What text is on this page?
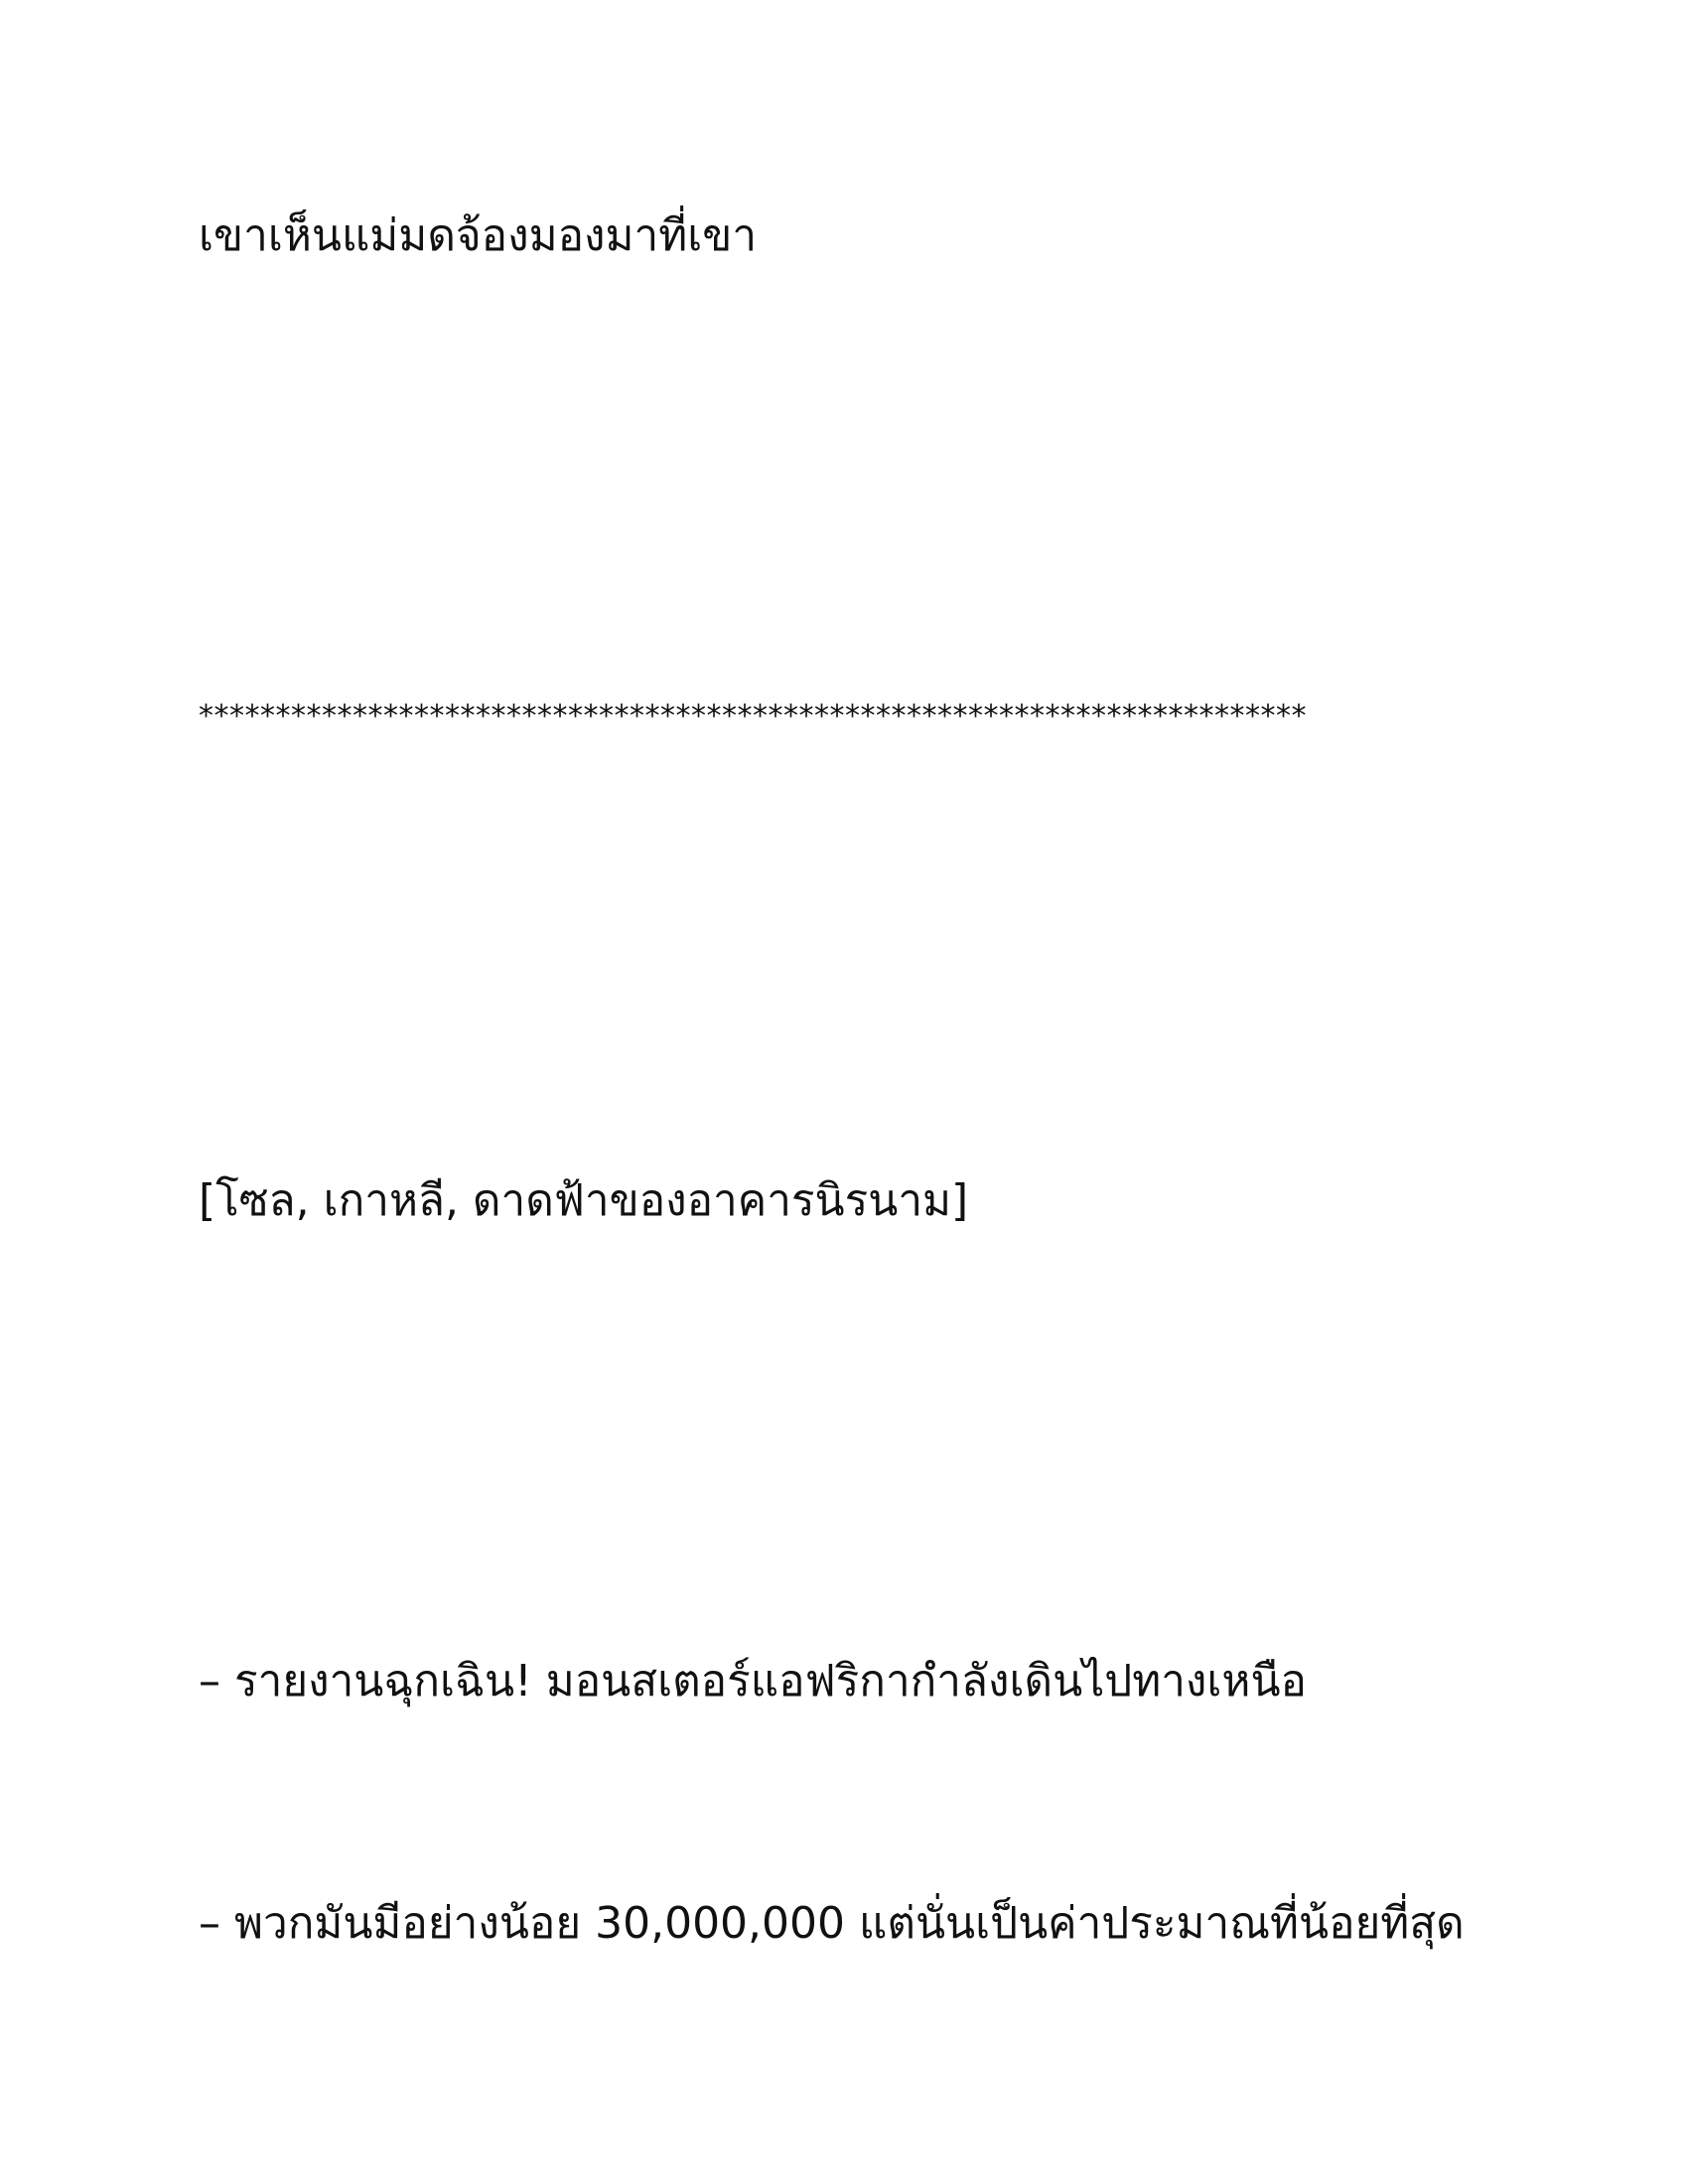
เขาเห็นแม่มดจ้องมองมาที่เขา
************************************************************************
[โซล, เกาหลี, ดาดฟ้าของอาคารนิรนาม]
– รายงานฉุกเฉิน! มอนสเตอร์แอฟริกากำลังเดินไปทางเหนือ
– พวกมันมีอย่างน้อย 30,000,000 แต่นั่นเป็นค่าประมาณที่น้อยที่สุด
